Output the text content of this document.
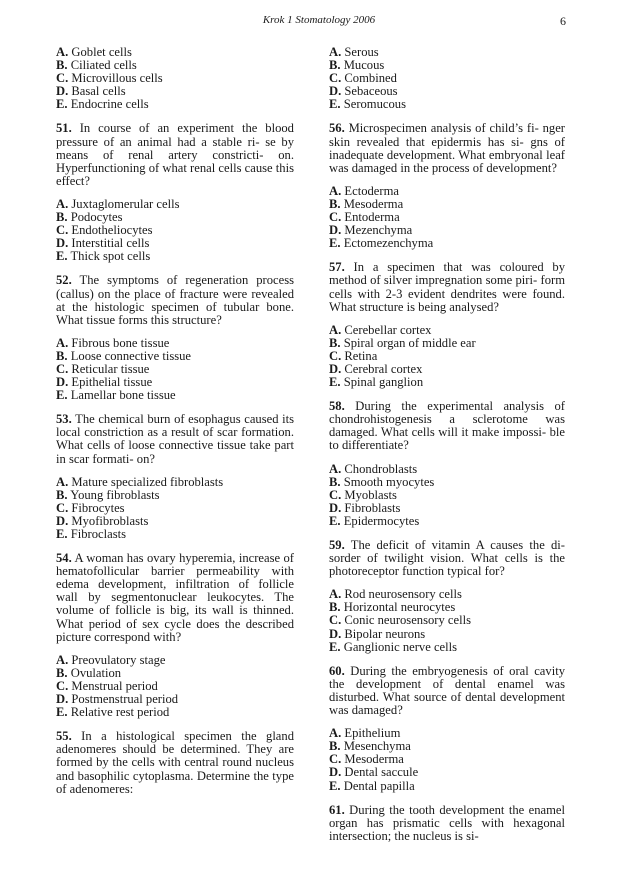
Krok 1 Stomatology 2006	6
A. Goblet cells
B. Ciliated cells
C. Microvillous cells
D. Basal cells
E. Endocrine cells
51. In course of an experiment the blood pressure of an animal had a stable ri- se by means of renal artery constricti- on. Hyperfunctioning of what renal cells cause this effect?
A. Juxtaglomerular cells
B. Podocytes
C. Endotheliocytes
D. Interstitial cells
E. Thick spot cells
52. The symptoms of regeneration process (callus) on the place of fracture were revealed at the histologic specimen of tubular bone. What tissue forms this structure?
A. Fibrous bone tissue
B. Loose connective tissue
C. Reticular tissue
D. Epithelial tissue
E. Lamellar bone tissue
53. The chemical burn of esophagus caused its local constriction as a result of scar formation. What cells of loose connective tissue take part in scar formati- on?
A. Mature specialized fibroblasts
B. Young fibroblasts
C. Fibrocytes
D. Myofibroblasts
E. Fibroclasts
54. A woman has ovary hyperemia, increase of hematofollicular barrier permeability with edema development, infiltration of follicle wall by segmentonuclear leukocytes. The volume of follicle is big, its wall is thinned. What period of sex cycle does the described picture correspond with?
A. Preovulatory stage
B. Ovulation
C. Menstrual period
D. Postmenstrual period
E. Relative rest period
55. In a histological specimen the gland adenomeres should be determined. They are formed by the cells with central round nucleus and basophilic cytoplasma. Determine the type of adenomeres:
A. Serous
B. Mucous
C. Combined
D. Sebaceous
E. Seromucous
56. Microspecimen analysis of child’s fi- nger skin revealed that epidermis has si- gns of inadequate development. What embryonal leaf was damaged in the process of development?
A. Ectoderma
B. Mesoderma
C. Entoderma
D. Mezenchyma
E. Ectomezenchyma
57. In a specimen that was coloured by method of silver impregnation some piri- form cells with 2-3 evident dendrites were found. What structure is being analysed?
A. Cerebellar cortex
B. Spiral organ of middle ear
C. Retina
D. Cerebral cortex
E. Spinal ganglion
58. During the experimental analysis of chondrohistogenesis a sclerotome was damaged. What cells will it make impossi- ble to differentiate?
A. Chondroblasts
B. Smooth myocytes
C. Myoblasts
D. Fibroblasts
E. Epidermocytes
59. The deficit of vitamin A causes the di- sorder of twilight vision. What cells is the photoreceptor function typical for?
A. Rod neurosensory cells
B. Horizontal neurocytes
C. Conic neurosensory cells
D. Bipolar neurons
E. Ganglionic nerve cells
60. During the embryogenesis of oral cavity the development of dental enamel was disturbed. What source of dental development was damaged?
A. Epithelium
B. Mesenchyma
C. Mesoderma
D. Dental saccule
E. Dental papilla
61. During the tooth development the enamel organ has prismatic cells with hexagonal intersection; the nucleus is si-
